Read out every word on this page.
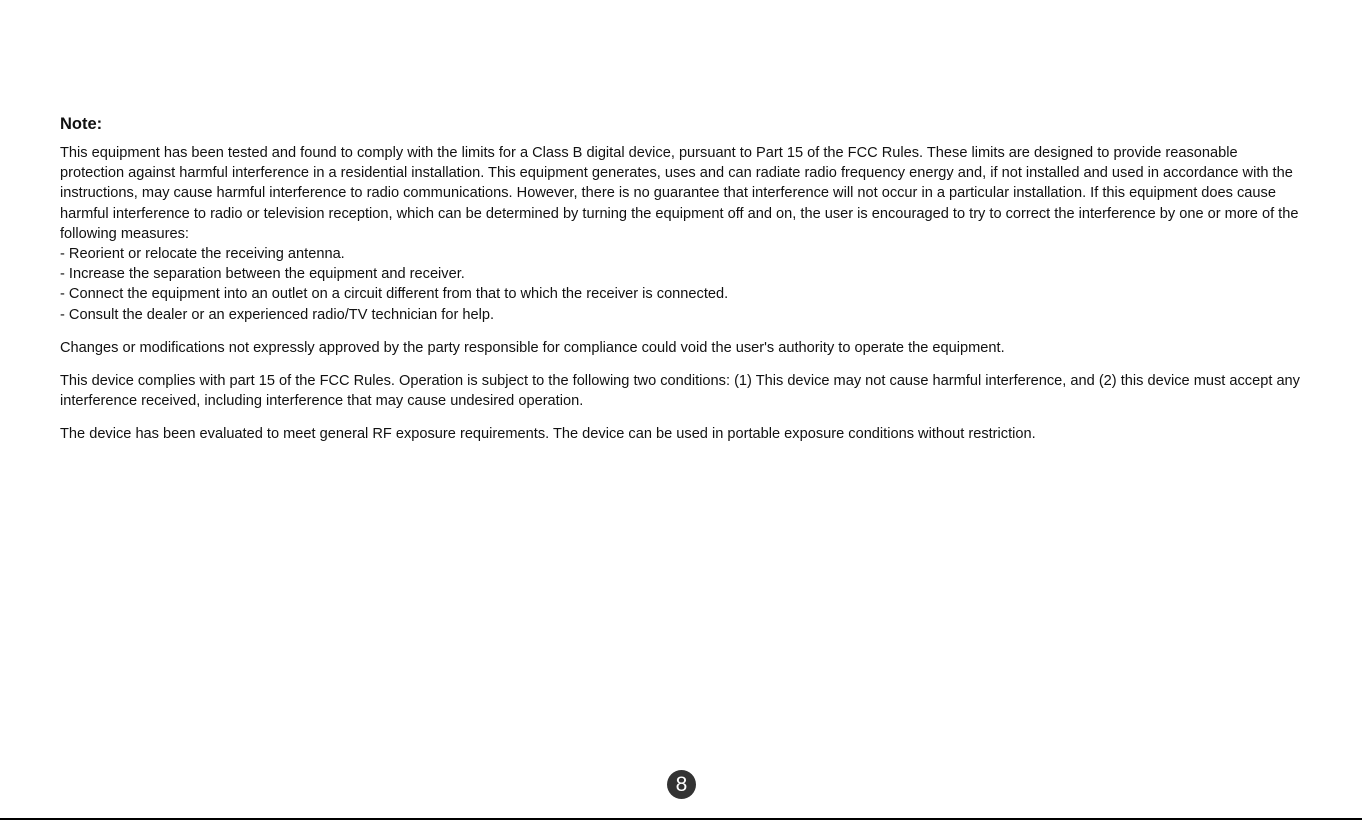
Note:

This equipment has been tested and found to comply with the limits for a Class B digital device, pursuant to Part 15 of the FCC Rules. These limits are designed to provide reasonable protection against harmful interference in a residential installation. This equipment generates, uses and can radiate radio frequency energy and, if not installed and used in accordance with the instructions, may cause harmful interference to radio communications. However, there is no guarantee that interference will not occur in a particular installation. If this equipment does cause harmful interference to radio or television reception, which can be determined by turning the equipment off and on, the user is encouraged to try to correct the interference by one or more of the following measures:

- Reorient or relocate the receiving antenna.
- Increase the separation between the equipment and receiver.
- Connect the equipment into an outlet on a circuit different from that to which the receiver is connected.
- Consult the dealer or an experienced radio/TV technician for help.

Changes or modifications not expressly approved by the party responsible for compliance could void the user's authority to operate the equipment.

This device complies with part 15 of the FCC Rules. Operation is subject to the following two conditions: (1) This device may not cause harmful interference, and (2) this device must accept any interference received, including interference that may cause undesired operation.

The device has been evaluated to meet general RF exposure requirements. The device can be used in portable exposure conditions without restriction.

8
